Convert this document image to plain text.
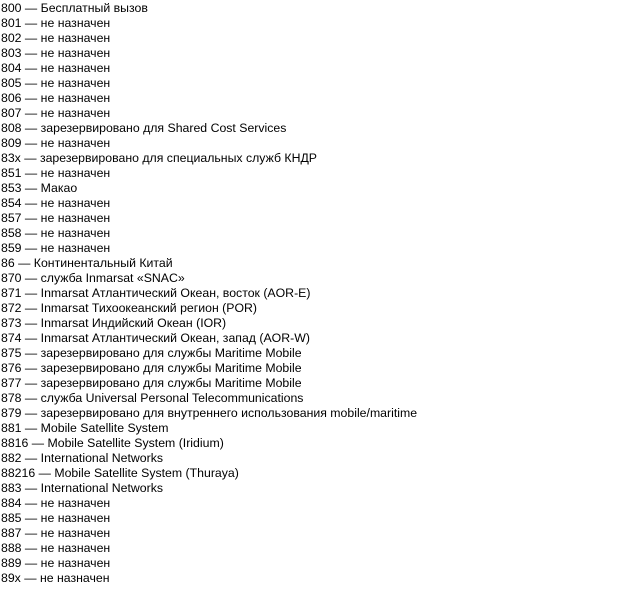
800 — Бесплатный вызов
801 — не назначен
802 — не назначен
803 — не назначен
804 — не назначен
805 — не назначен
806 — не назначен
807 — не назначен
808 — зарезервировано для Shared Cost Services
809 — не назначен
83x — зарезервировано для специальных служб КНДР
851 — не назначен
853 — Макао
854 — не назначен
857 — не назначен
858 — не назначен
859 — не назначен
86 — Континентальный Китай
870 — служба Inmarsat «SNAC»
871 — Inmarsat Атлантический Океан, восток (AOR-E)
872 — Inmarsat Тихоокеанский регион (POR)
873 — Inmarsat Индийский Океан (IOR)
874 — Inmarsat Атлантический Океан, запад (AOR-W)
875 — зарезервировано для службы Maritime Mobile
876 — зарезервировано для службы Maritime Mobile
877 — зарезервировано для службы Maritime Mobile
878 — служба Universal Personal Telecommunications
879 — зарезервировано для внутреннего использования mobile/maritime
881 — Mobile Satellite System
8816 — Mobile Satellite System (Iridium)
882 — International Networks
88216 — Mobile Satellite System (Thuraya)
883 — International Networks
884 — не назначен
885 — не назначен
887 — не назначен
888 — не назначен
889 — не назначен
89x — не назначен
